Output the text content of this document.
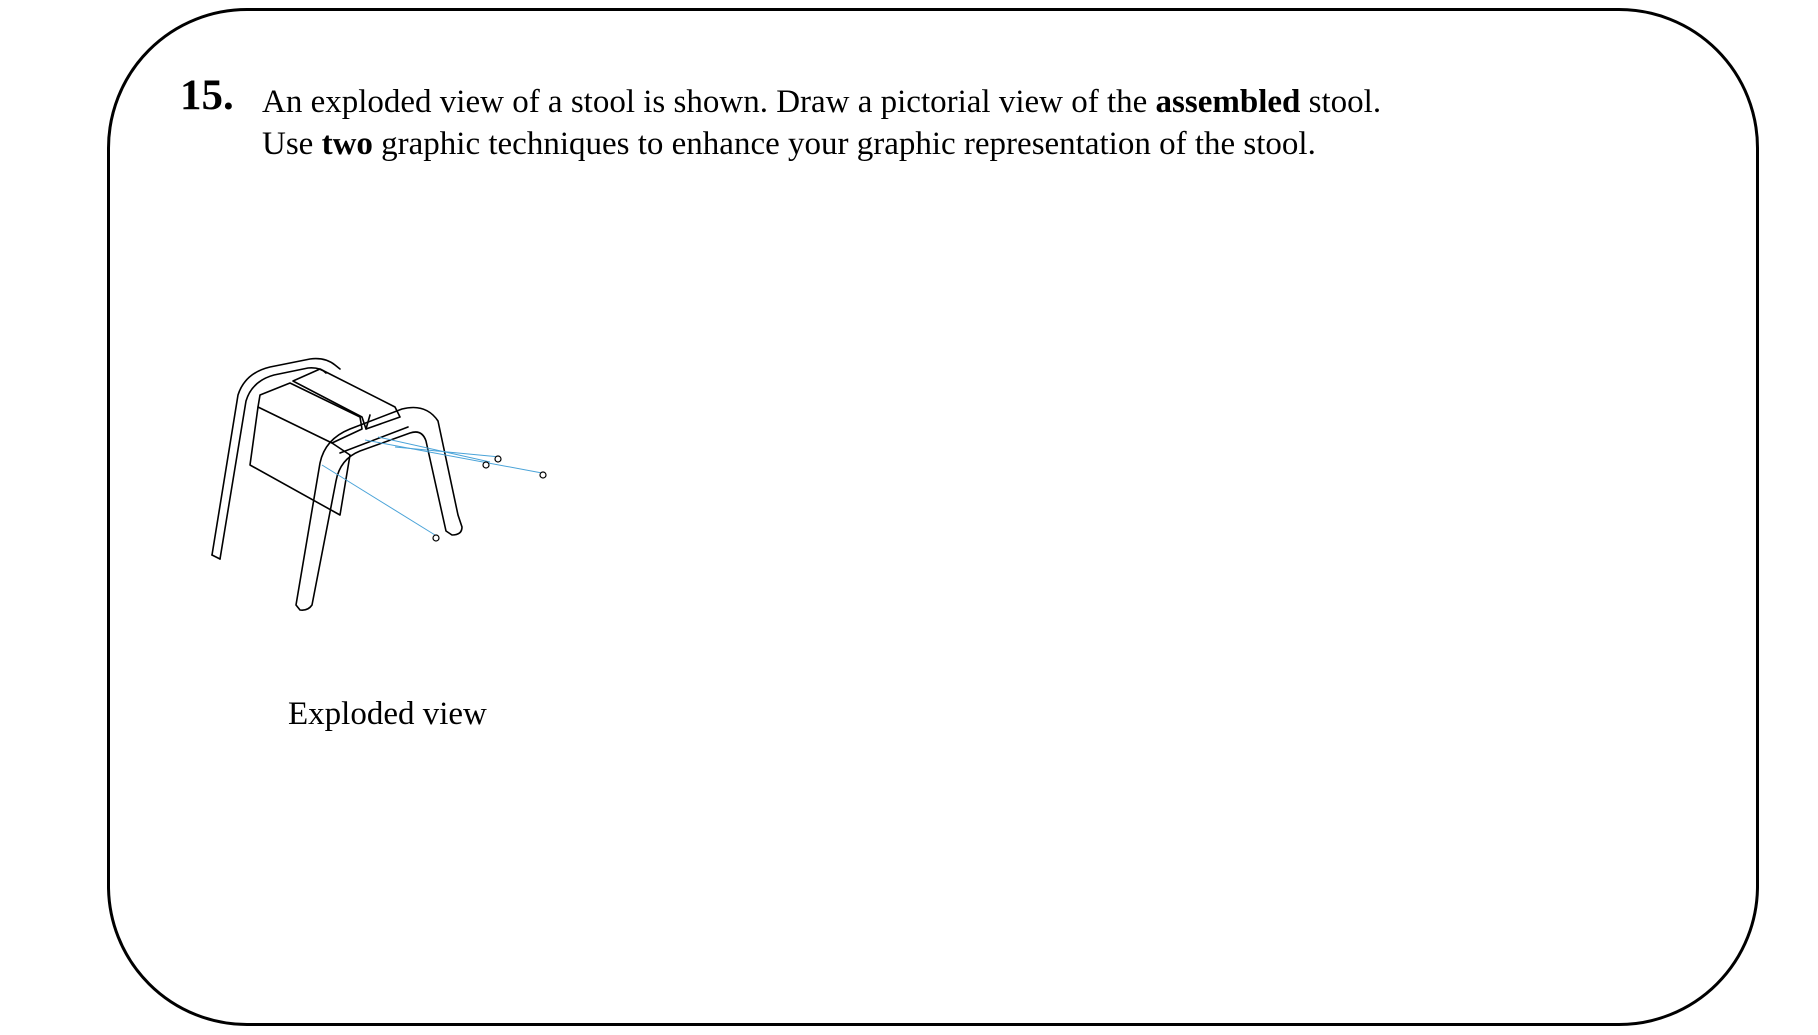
15. An exploded view of a stool is shown. Draw a pictorial view of the assembled stool.
Use two graphic techniques to enhance your graphic representation of the stool.
Exploded view
